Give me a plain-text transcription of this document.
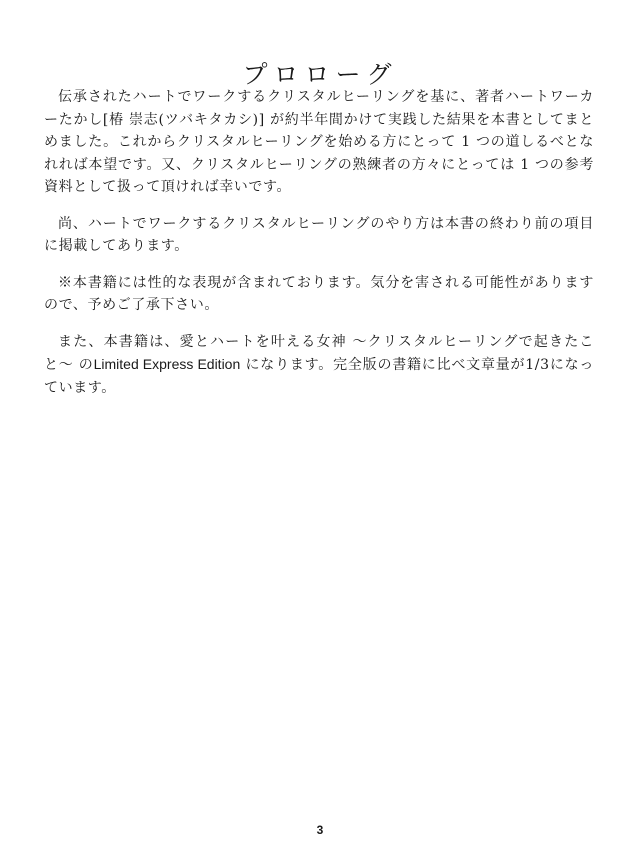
プロローグ

伝承されたハートでワークするクリスタルヒーリングを基に、著者ハートワーカーたかし[椿 崇志(ツバキタカシ)] が約半年間かけて実践した結果を本書としてまとめました。これからクリスタルヒーリングを始める方にとって 1 つの道しるべとなれれば本望です。又、クリスタルヒーリングの熟練者の方々にとっては 1 つの参考資料として扱って頂ければ幸いです。

尚、ハートでワークするクリスタルヒーリングのやり方は本書の終わり前の項目に掲載してあります。

※本書籍には性的な表現が含まれております。気分を害される可能性がありますので、予めご了承下さい。

また、本書籍は、愛とハートを叶える女神 〜クリスタルヒーリングで起きたこと〜 のLimited Express Edition になります。完全版の書籍に比べ文章量が1/3になっています。

3
